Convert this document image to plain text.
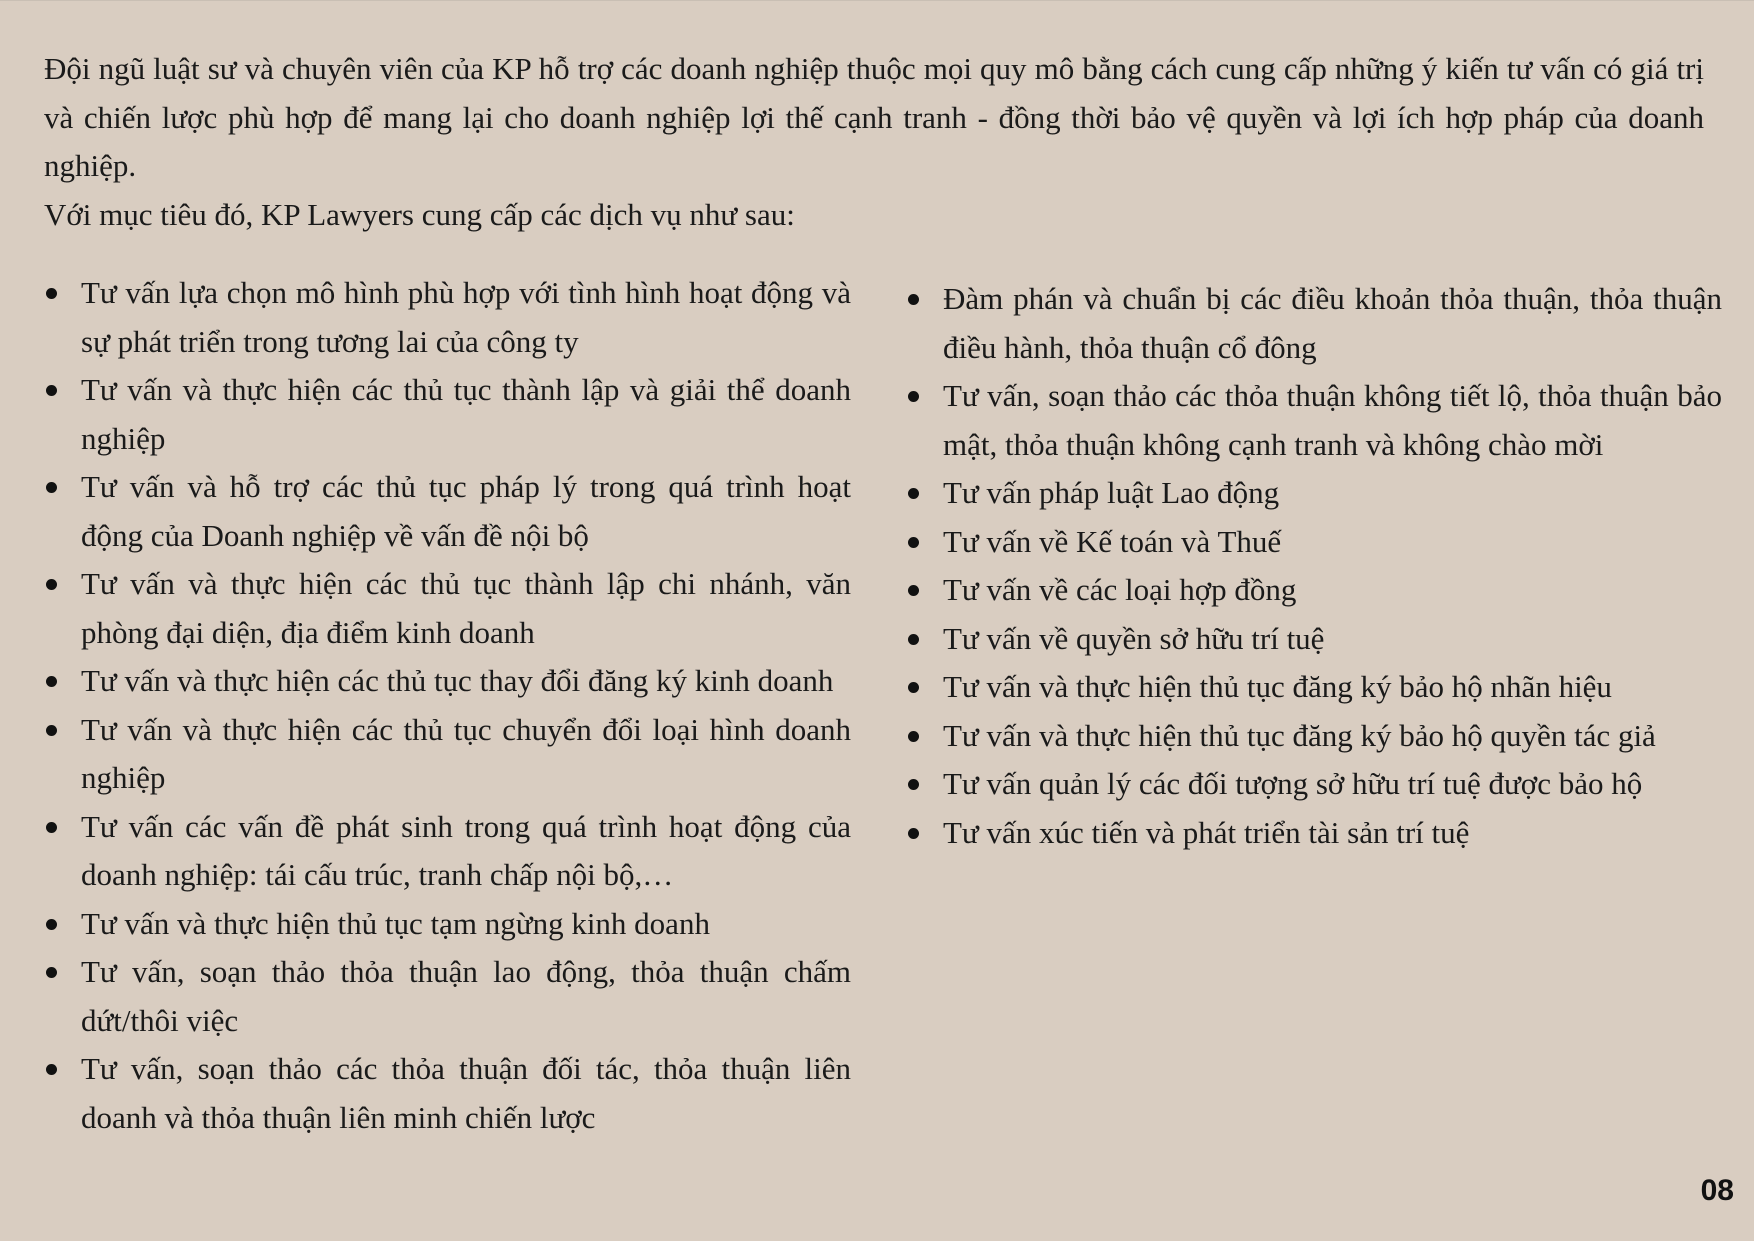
Đội ngũ luật sư và chuyên viên của KP hỗ trợ các doanh nghiệp thuộc mọi quy mô bằng cách cung cấp những ý kiến tư vấn có giá trị và chiến lược phù hợp để mang lại cho doanh nghiệp lợi thế cạnh tranh - đồng thời bảo vệ quyền và lợi ích hợp pháp của doanh nghiệp.

Với mục tiêu đó, KP Lawyers cung cấp các dịch vụ như sau:

Tư vấn lựa chọn mô hình phù hợp với tình hình hoạt động và sự phát triển trong tương lai của công ty
Tư vấn và thực hiện các thủ tục thành lập và giải thể doanh nghiệp
Tư vấn và hỗ trợ các thủ tục pháp lý trong quá trình hoạt động của Doanh nghiệp về vấn đề nội bộ
Tư vấn và thực hiện các thủ tục thành lập chi nhánh, văn phòng đại diện, địa điểm kinh doanh
Tư vấn và thực hiện các thủ tục thay đổi đăng ký kinh doanh
Tư vấn và thực hiện các thủ tục chuyển đổi loại hình doanh nghiệp
Tư vấn các vấn đề phát sinh trong quá trình hoạt động của doanh nghiệp: tái cấu trúc, tranh chấp nội bộ,…
Tư vấn và thực hiện thủ tục tạm ngừng kinh doanh
Tư vấn, soạn thảo thỏa thuận lao động, thỏa thuận chấm dứt/thôi việc
Tư vấn, soạn thảo các thỏa thuận đối tác, thỏa thuận liên doanh và thỏa thuận liên minh chiến lược
Đàm phán và chuẩn bị các điều khoản thỏa thuận, thỏa thuận điều hành, thỏa thuận cổ đông
Tư vấn, soạn thảo các thỏa thuận không tiết lộ, thỏa thuận bảo mật, thỏa thuận không cạnh tranh và không chào mời
Tư vấn pháp luật Lao động
Tư vấn về Kế toán và Thuế
Tư vấn về các loại hợp đồng
Tư vấn về quyền sở hữu trí tuệ
Tư vấn và thực hiện thủ tục đăng ký bảo hộ nhãn hiệu
Tư vấn và thực hiện thủ tục đăng ký bảo hộ quyền tác giả
Tư vấn quản lý các đối tượng sở hữu trí tuệ được bảo hộ
Tư vấn xúc tiến và phát triển tài sản trí tuệ
08
